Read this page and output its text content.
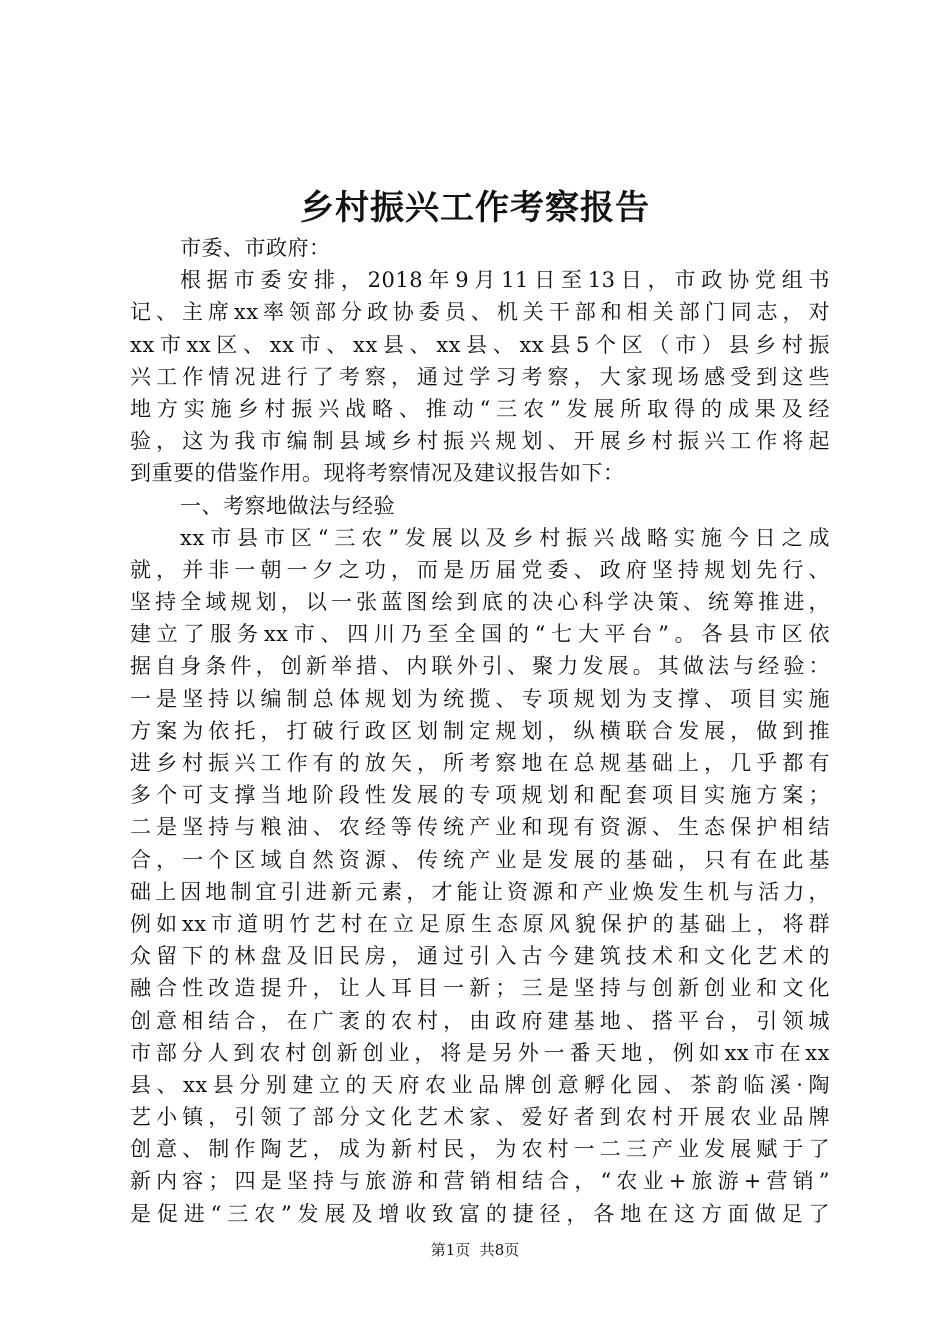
乡村振兴工作考察报告
市委、市政府：
根据市委安排，2018年9月11日至13日，市政协党组书
记、主席xx率领部分政协委员、机关干部和相关部门同志，对
xx市xx区、xx市、xx县、xx县、xx县5个区（市）县乡村振
兴工作情况进行了考察，通过学习考察，大家现场感受到这些
地方实施乡村振兴战略、推动“三农”发展所取得的成果及经
验，这为我市编制县域乡村振兴规划、开展乡村振兴工作将起
到重要的借鉴作用。现将考察情况及建议报告如下：
一、考察地做法与经验
xx市县市区“三农”发展以及乡村振兴战略实施今日之成
就，并非一朝一夕之功，而是历届党委、政府坚持规划先行、
坚持全域规划，以一张蓝图绘到底的决心科学决策、统筹推进，
建立了服务xx市、四川乃至全国的“七大平台”。各县市区依
据自身条件，创新举措、内联外引、聚力发展。其做法与经验：
一是坚持以编制总体规划为统揽、专项规划为支撑、项目实施
方案为依托，打破行政区划制定规划，纵横联合发展，做到推
进乡村振兴工作有的放矢，所考察地在总规基础上，几乎都有
多个可支撑当地阶段性发展的专项规划和配套项目实施方案；
二是坚持与粮油、农经等传统产业和现有资源、生态保护相结
合，一个区域自然资源、传统产业是发展的基础，只有在此基
础上因地制宜引进新元素，才能让资源和产业焕发生机与活力，
例如xx市道明竹艺村在立足原生态原风貌保护的基础上，将群
众留下的林盘及旧民房，通过引入古今建筑技术和文化艺术的
融合性改造提升，让人耳目一新；三是坚持与创新创业和文化
创意相结合，在广袤的农村，由政府建基地、搭平台，引领城
市部分人到农村创新创业，将是另外一番天地，例如xx市在xx
县、xx县分别建立的天府农业品牌创意孵化园、茶韵临溪·陶
艺小镇，引领了部分文化艺术家、爱好者到农村开展农业品牌
创意、制作陶艺，成为新村民，为农村一二三产业发展赋于了
新内容；四是坚持与旅游和营销相结合，“农业+旅游+营销”
是促进“三农”发展及增收致富的捷径，各地在这方面做足了
第1页  共8页
